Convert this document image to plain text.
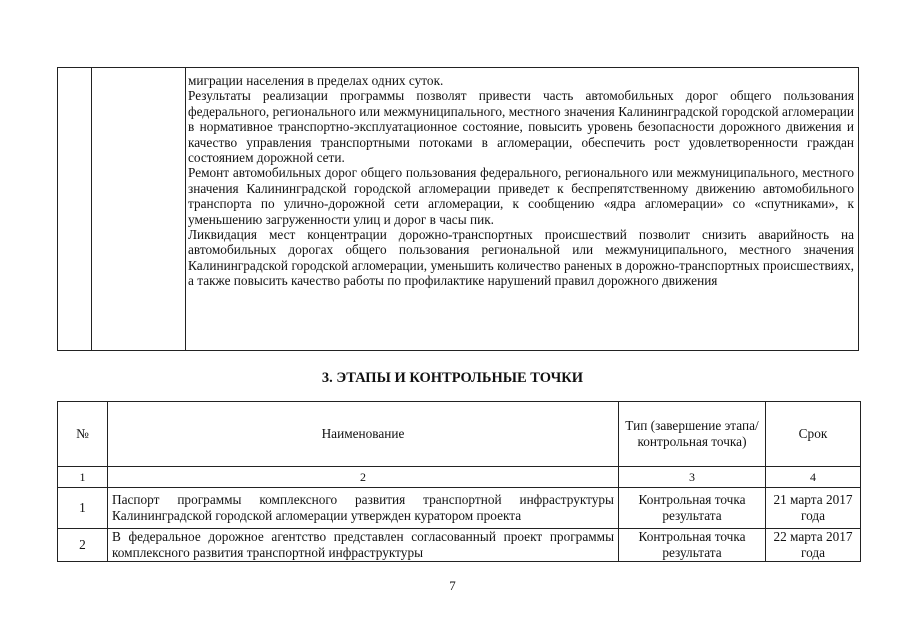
миграции населения в пределах одних суток.

Результаты реализации программы позволят привести часть автомобильных дорог общего пользования федерального, регионального или межмуниципального, местного значения Калининградской городской агломерации в нормативное транспортно-эксплуатационное состояние, повысить уровень безопасности дорожного движения и качество управления транспортными потоками в агломерации, обеспечить рост удовлетворенности граждан состоянием дорожной сети.

Ремонт автомобильных дорог общего пользования федерального, регионального или межмуниципального, местного значения Калининградской городской агломерации приведет к беспрепятственному движению автомобильного транспорта по улично-дорожной сети агломерации, к сообщению «ядра агломерации» со «спутниками», к уменьшению загруженности улиц и дорог в часы пик.

Ликвидация мест концентрации дорожно-транспортных происшествий позволит снизить аварийность на автомобильных дорогах общего пользования региональной или межмуниципального, местного значения Калининградской городской агломерации, уменьшить количество раненых в дорожно-транспортных происшествиях, а также повысить качество работы по профилактике нарушений правил дорожного движения

3. ЭТАПЫ И КОНТРОЛЬНЫЕ ТОЧКИ
№	Наименование	Тип (завершение этапа/контрольная точка)	Срок
1	2	3	4
1	Паспорт программы комплексного развития транспортной инфраструктуры Калининградской городской агломерации утвержден куратором проекта	Контрольная точка результата	21 марта 2017 года
2	В федеральное дорожное агентство представлен согласованный проект программы комплексного развития транспортной инфраструктуры	Контрольная точка результата	22 марта 2017 года
7
